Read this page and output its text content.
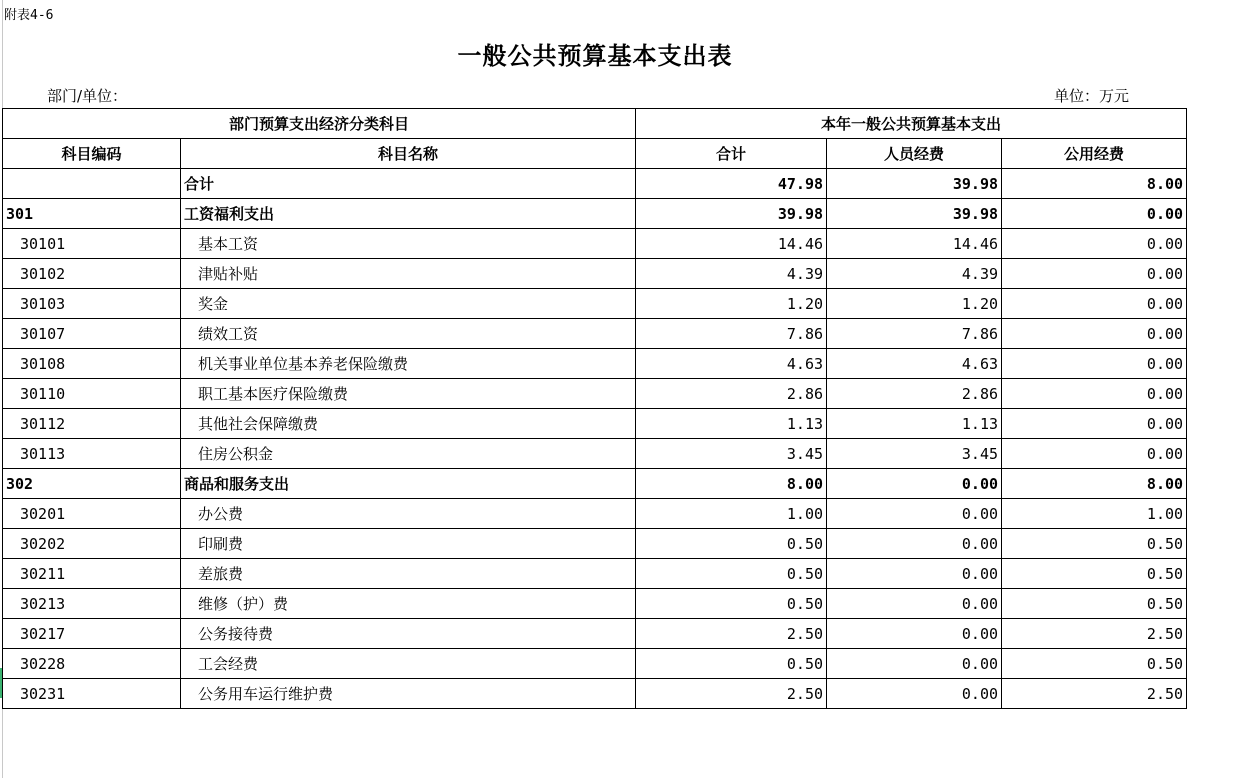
附表4-6
一般公共预算基本支出表
部门/单位：	单位：万元
部门预算支出经济分类科目		本年一般公共预算基本支出		
科目编码	科目名称	合计	人员经费	公用经费
	合计	47.98	39.98	8.00
301	工资福利支出	39.98	39.98	0.00
30101	基本工资	14.46	14.46	0.00
30102	津贴补贴	4.39	4.39	0.00
30103	奖金	1.20	1.20	0.00
30107	绩效工资	7.86	7.86	0.00
30108	机关事业单位基本养老保险缴费	4.63	4.63	0.00
30110	职工基本医疗保险缴费	2.86	2.86	0.00
30112	其他社会保障缴费	1.13	1.13	0.00
30113	住房公积金	3.45	3.45	0.00
302	商品和服务支出	8.00	0.00	8.00
30201	办公费	1.00	0.00	1.00
30202	印刷费	0.50	0.00	0.50
30211	差旅费	0.50	0.00	0.50
30213	维修（护）费	0.50	0.00	0.50
30217	公务接待费	2.50	0.00	2.50
30228	工会经费	0.50	0.00	0.50
30231	公务用车运行维护费	2.50	0.00	2.50
